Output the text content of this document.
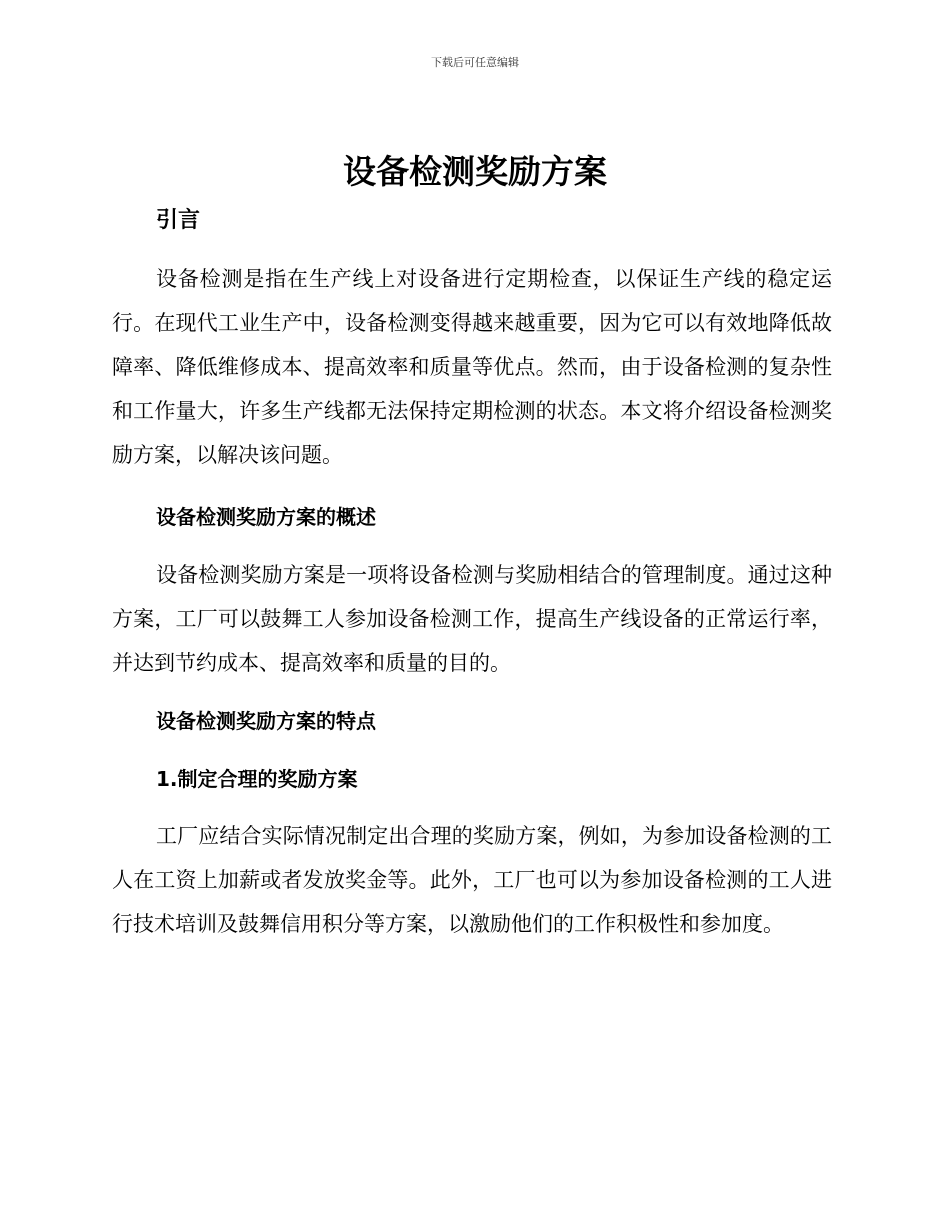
下载后可任意编辑
设备检测奖励方案
引言

设备检测是指在生产线上对设备进行定期检查，以保证生产线的稳定运行。在现代工业生产中，设备检测变得越来越重要，因为它可以有效地降低故障率、降低维修成本、提高效率和质量等优点。然而，由于设备检测的复杂性和工作量大，许多生产线都无法保持定期检测的状态。本文将介绍设备检测奖励方案，以解决该问题。

设备检测奖励方案的概述

设备检测奖励方案是一项将设备检测与奖励相结合的管理制度。通过这种方案，工厂可以鼓舞工人参加设备检测工作，提高生产线设备的正常运行率，并达到节约成本、提高效率和质量的目的。

设备检测奖励方案的特点
1.制定合理的奖励方案

工厂应结合实际情况制定出合理的奖励方案，例如，为参加设备检测的工人在工资上加薪或者发放奖金等。此外，工厂也可以为参加设备检测的工人进行技术培训及鼓舞信用积分等方案，以激励他们的工作积极性和参加度。
